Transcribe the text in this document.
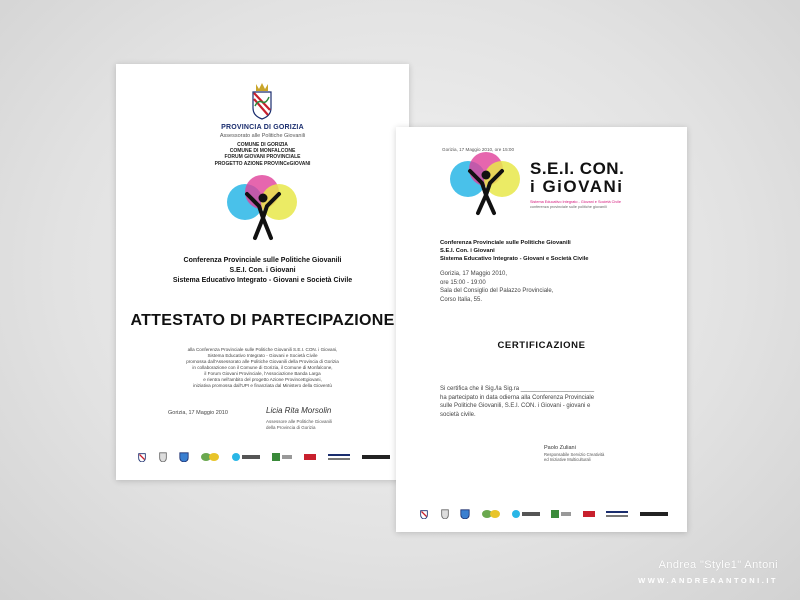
PROVINCIA DI GORIZIA
Assessorato alle Politiche Giovanili
COMUNE DI GORIZIA
COMUNE DI MONFALCONE
FORUM GIOVANI PROVINCIALE
PROGETTO AZIONE PROVINCeGIOVANI
Conferenza Provinciale sulle Politiche Giovanili
S.E.I. Con. i Giovani
Sistema Educativo Integrato - Giovani e Società Civile
ATTESTATO DI PARTECIPAZIONE
alla Conferenza Provinciale sulle Politiche Giovanili S.E.I. CON. i Giovani,
Sistema Educativo Integrato - Giovani e Società Civile
promossa dall'Assessorato alle Politiche Giovanili della Provincia di Gorizia
in collaborazione con il Comune di Gorizia, il Comune di Monfalcone,
il Forum Giovani Provinciale, l'Associazione Banda Larga
e rientra nell'ambito del progetto Azione ProvinceEgiovani,
iniziativa promossa dall'UPI e finanziata dal Ministero della Gioventù
Gorizia, 17 Maggio 2010	Licia Rita Morsolin
Assessore alle Politiche Giovanili
della Provincia di Gorizia
Gorizia, 17 Maggio 2010, ore 15:00
S.E.I. CON.
i GiOVANi
Sistema Educativo Integrato - Giovani e Società Civile
conferenza provinciale sulle politiche giovanili
Conferenza Provinciale sulle Politiche Giovanili
S.E.I. Con. i Giovani
Sistema Educativo Integrato - Giovani e Società Civile
Gorizia, 17 Maggio 2010,
ore 15:00 - 19:00
Sala del Consiglio del Palazzo Provinciale,
Corso Italia, 55.
CERTIFICAZIONE
Si certifica che il Sig./la Sig.ra ______________________
ha partecipato in data odierna alla Conferenza Provinciale
sulle Politiche Giovanili, S.E.I. CON. i Giovani - giovani e
società civile.
Paolo Zuliani
Responsabile Servizio Creatività
ed Iniziative Multiculturali
Andrea "Style1" Antoni
WWW.ANDREAANTONI.IT
